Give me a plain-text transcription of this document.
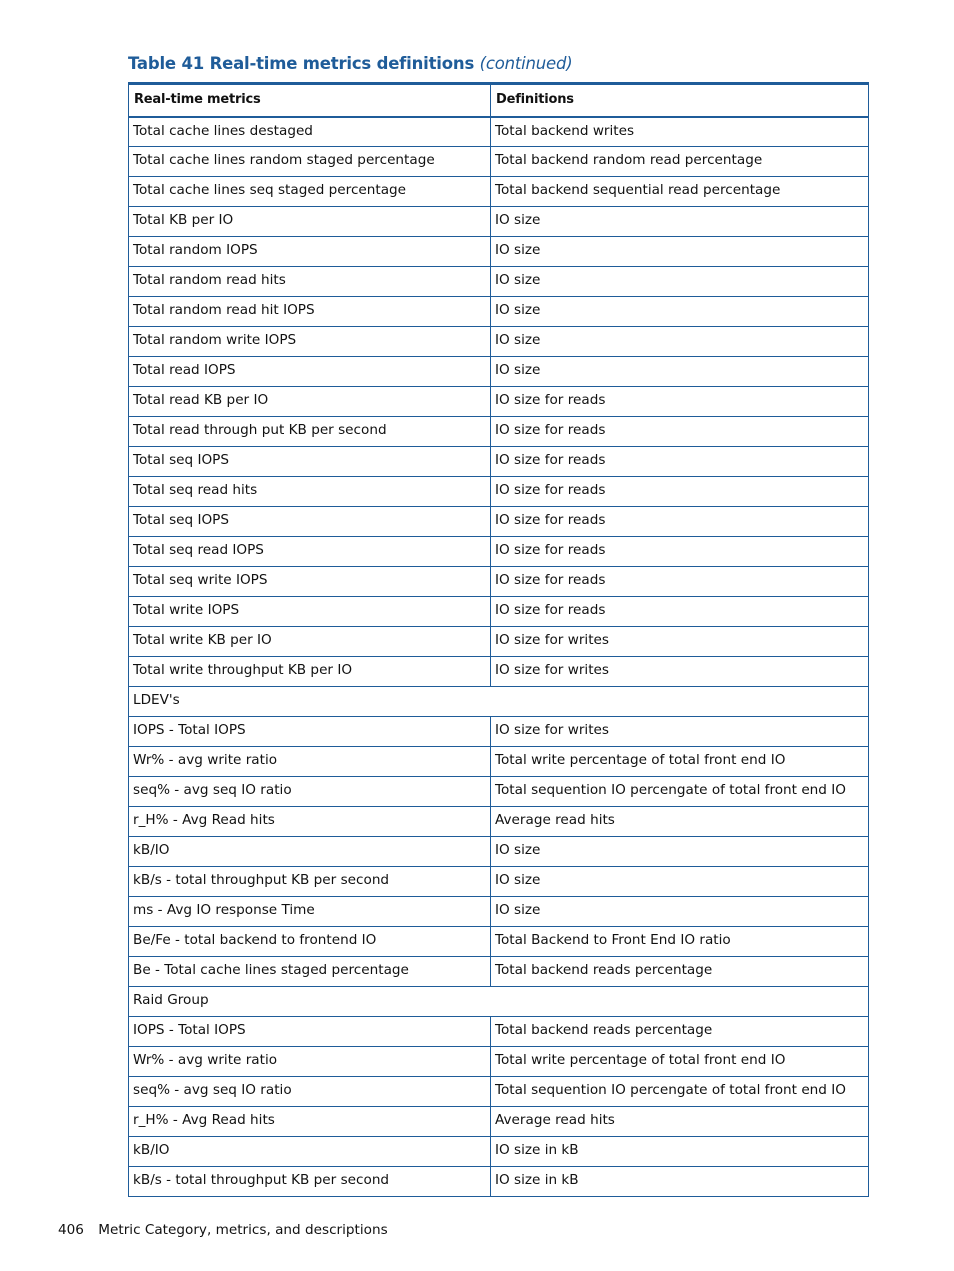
Table 41 Real-time metrics definitions (continued)
Real-time metrics	Definitions
Total cache lines destaged	Total backend writes
Total cache lines random staged percentage	Total backend random read percentage
Total cache lines seq staged percentage	Total backend sequential read percentage
Total KB per IO	IO size
Total random IOPS	IO size
Total random read hits	IO size
Total random read hit IOPS	IO size
Total random write IOPS	IO size
Total read IOPS	IO size
Total read KB per IO	IO size for reads
Total read through put KB per second	IO size for reads
Total seq IOPS	IO size for reads
Total seq read hits	IO size for reads
Total seq IOPS	IO size for reads
Total seq read IOPS	IO size for reads
Total seq write IOPS	IO size for reads
Total write IOPS	IO size for reads
Total write KB per IO	IO size for writes
Total write throughput KB per IO	IO size for writes
LDEV's	
IOPS - Total IOPS	IO size for writes
Wr% - avg write ratio	Total write percentage of total front end IO
seq% - avg seq IO ratio	Total sequention IO percengate of total front end IO
r_H% - Avg Read hits	Average read hits
kB/IO	IO size
kB/s - total throughput KB per second	IO size
ms - Avg IO response Time	IO size
Be/Fe - total backend to frontend IO	Total Backend to Front End IO ratio
Be - Total cache lines staged percentage	Total backend reads percentage
Raid Group	
IOPS - Total IOPS	Total backend reads percentage
Wr% - avg write ratio	Total write percentage of total front end IO
seq% - avg seq IO ratio	Total sequention IO percengate of total front end IO
r_H% - Avg Read hits	Average read hits
kB/IO	IO size in kB
kB/s - total throughput KB per second	IO size in kB
406 Metric Category, metrics, and descriptions
